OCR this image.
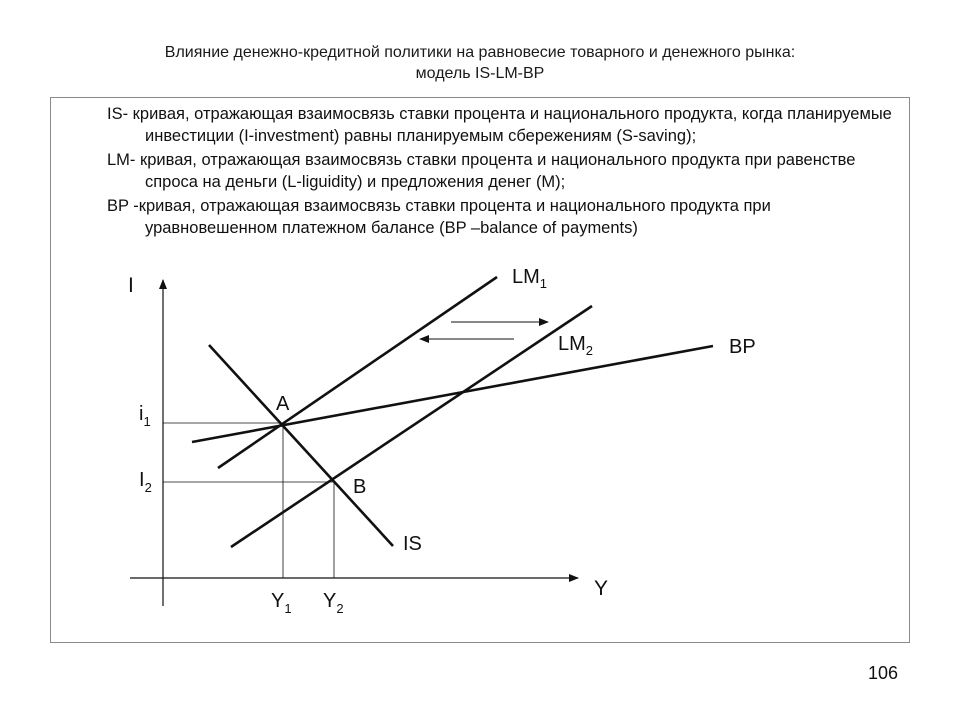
Влияние денежно-кредитной политики на равновесие товарного и денежного рынка:
модель IS-LM-BP
IS- кривая, отражающая взаимосвязь ставки процента и национального продукта, когда планируемые инвестиции (I-investment) равны планируемым сбережениям (S-saving);
LM- кривая, отражающая взаимосвязь ставки процента и национального продукта при равенстве спроса на деньги (L-liguidity) и предложения денег (M);
BP -кривая, отражающая взаимосвязь ставки процента и национального продукта при уравновешенном платежном балансе (BP –balance of payments)
I
Y
$LM_1$
$LM_2$	BP
IS
A
B
$i_1$
$I_2$
$Y_1$ $Y_2$
106
